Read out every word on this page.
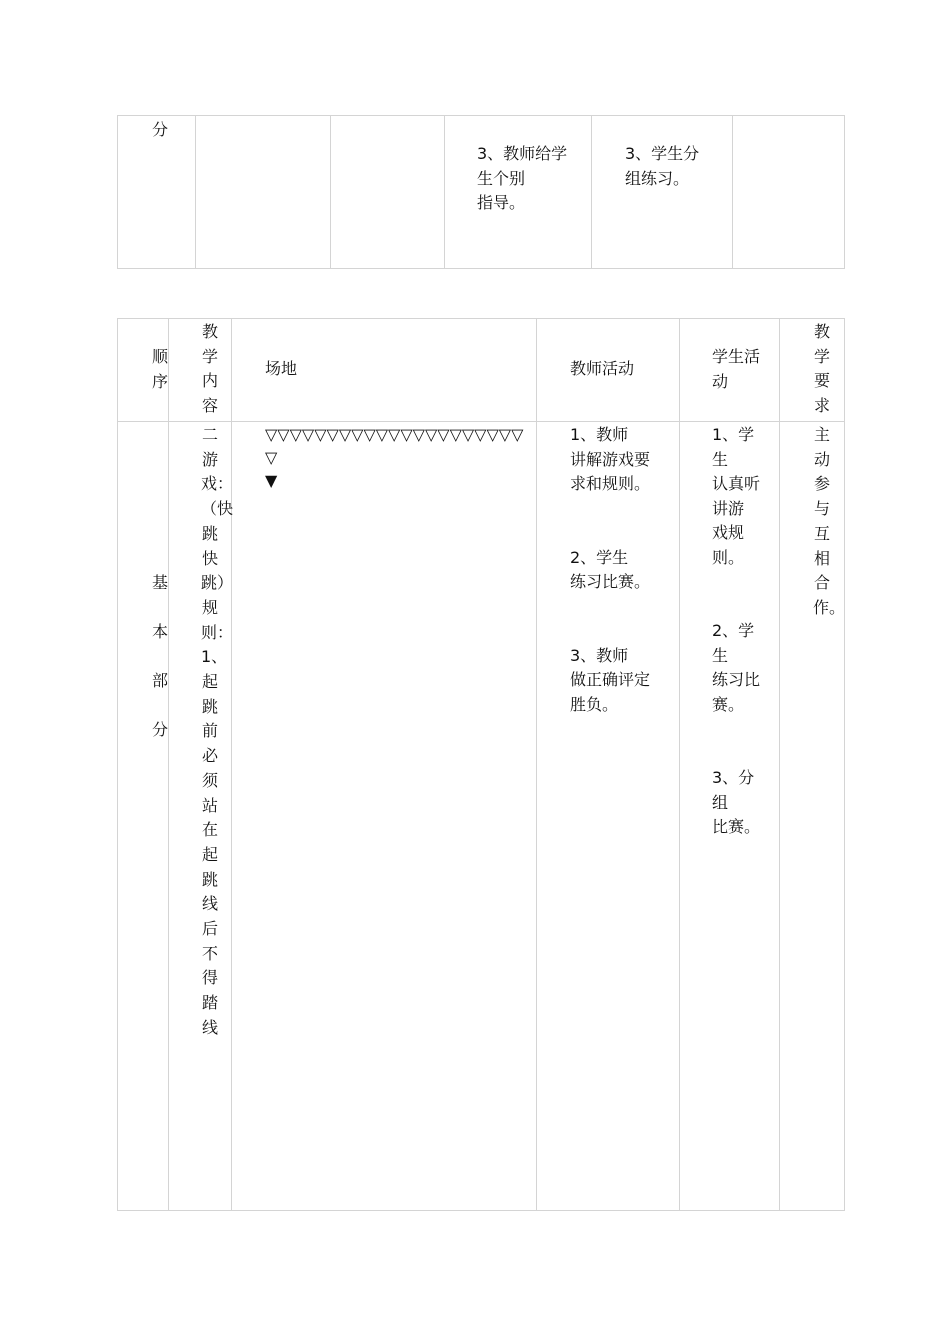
分
3、教师给学
生个别
指导。
3、学生分
组练习。
顺
序
教学内容
场地	教师活动
学生活
动
教学要求
基

本

部

分
二游戏：（快跳快跳）规则：　　　1、起跳前必须站在起跳线后不得踏线
▽▽▽▽▽▽▽▽▽▽▽▽▽▽▽▽▽▽▽▽▽
▽
▼
1、教师
讲解游戏要
求和规则。

2、学生
练习比赛。

3、教师
做正确评定
胜负。
1、学
生
认真听
讲游
戏规
则。

2、学
生
练习比
赛。

3、分
组
比赛。
主动参与互相合作。
